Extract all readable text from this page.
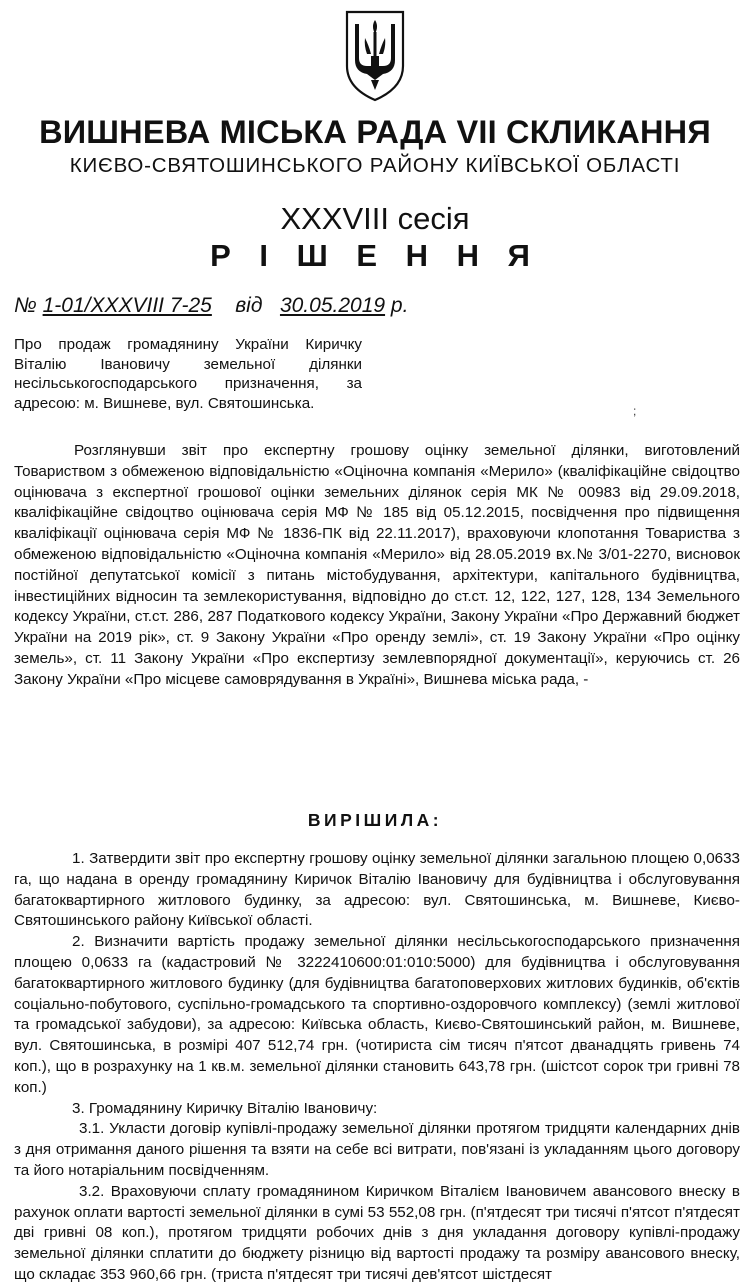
ВИШНЕВА МІСЬКА РАДА VII СКЛИКАННЯ
КИЄВО-СВЯТОШИНСЬКОГО РАЙОНУ КИЇВСЬКОЇ ОБЛАСТІ
XXXVIII сесія
Р І Ш Е Н Н Я
№ 1-01/XXXVIII 7-25 від 30.05.2019 р.
Про продаж громадянину України Киричку Віталію Івановичу земельної ділянки несільськогосподарського призначення, за адресою: м. Вишневе, вул. Святошинська.	;
Розглянувши звіт про експертну грошову оцінку земельної ділянки, виготовлений Товариством з обмеженою відповідальністю «Оціночна компанія «Мерило» (кваліфікаційне свідоцтво оцінювача з експертної грошової оцінки земельних ділянок серія МК № 00983 від 29.09.2018, кваліфікаційне свідоцтво оцінювача серія МФ № 185 від 05.12.2015, посвідчення про підвищення кваліфікації оцінювача серія МФ № 1836-ПК від 22.11.2017), враховуючи клопотання Товариства з обмеженою відповідальністю «Оціночна компанія «Мерило» від 28.05.2019 вх.№ 3/01-2270, висновок постійної депутатської комісії з питань містобудування, архітектури, капітального будівництва, інвестиційних відносин та землекористування, відповідно до ст.ст. 12, 122, 127, 128, 134 Земельного кодексу України, ст.ст. 286, 287 Податкового кодексу України, Закону України «Про Державний бюджет України на 2019 рік», ст. 9 Закону України «Про оренду землі», ст. 19 Закону України «Про оцінку земель», ст. 11 Закону України «Про експертизу землевпорядної документації», керуючись ст. 26 Закону України «Про місцеве самоврядування в Україні», Вишнева міська рада, -
ВИРІШИЛА:

1. Затвердити звіт про експертну грошову оцінку земельної ділянки загальною площею 0,0633 га, що надана в оренду громадянину Киричок Віталію Івановичу для будівництва і обслуговування багатоквартирного житлового будинку, за адресою: вул. Святошинська, м. Вишневе, Києво-Святошинського району Київської області.

2. Визначити вартість продажу земельної ділянки несільськогосподарського призначення площею 0,0633 га (кадастровий № 3222410600:01:010:5000) для будівництва і обслуговування багатоквартирного житлового будинку (для будівництва багатоповерхових житлових будинків, об'єктів соціально-побутового, суспільно-громадського та спортивно-оздоровчого комплексу) (землі житлової та громадської забудови), за адресою: Київська область, Києво-Святошинський район, м. Вишневе, вул. Святошинська, в розмірі 407 512,74 грн. (чотириста сім тисяч п'ятсот дванадцять гривень 74 коп.), що в розрахунку на 1 кв.м. земельної ділянки становить 643,78 грн. (шістсот сорок три гривні 78 коп.)

3. Громадянину Киричку Віталію Івановичу:

3.1. Укласти договір купівлі-продажу земельної ділянки протягом тридцяти календарних днів з дня отримання даного рішення та взяти на себе всі витрати, пов'язані із укладанням цього договору та його нотаріальним посвідченням.

3.2. Враховуючи сплату громадянином Киричком Віталієм Івановичем авансового внеску в рахунок оплати вартості земельної ділянки в сумі 53 552,08 грн. (п'ятдесят три тисячі п'ятсот п'ятдесят дві гривні 08 коп.), протягом тридцяти робочих днів з дня укладання договору купівлі-продажу земельної ділянки сплатити до бюджету різницю від вартості продажу та розміру авансового внеску, що складає 353 960,66 грн. (триста п'ятдесят три тисячі дев'ятсот шістдесят
